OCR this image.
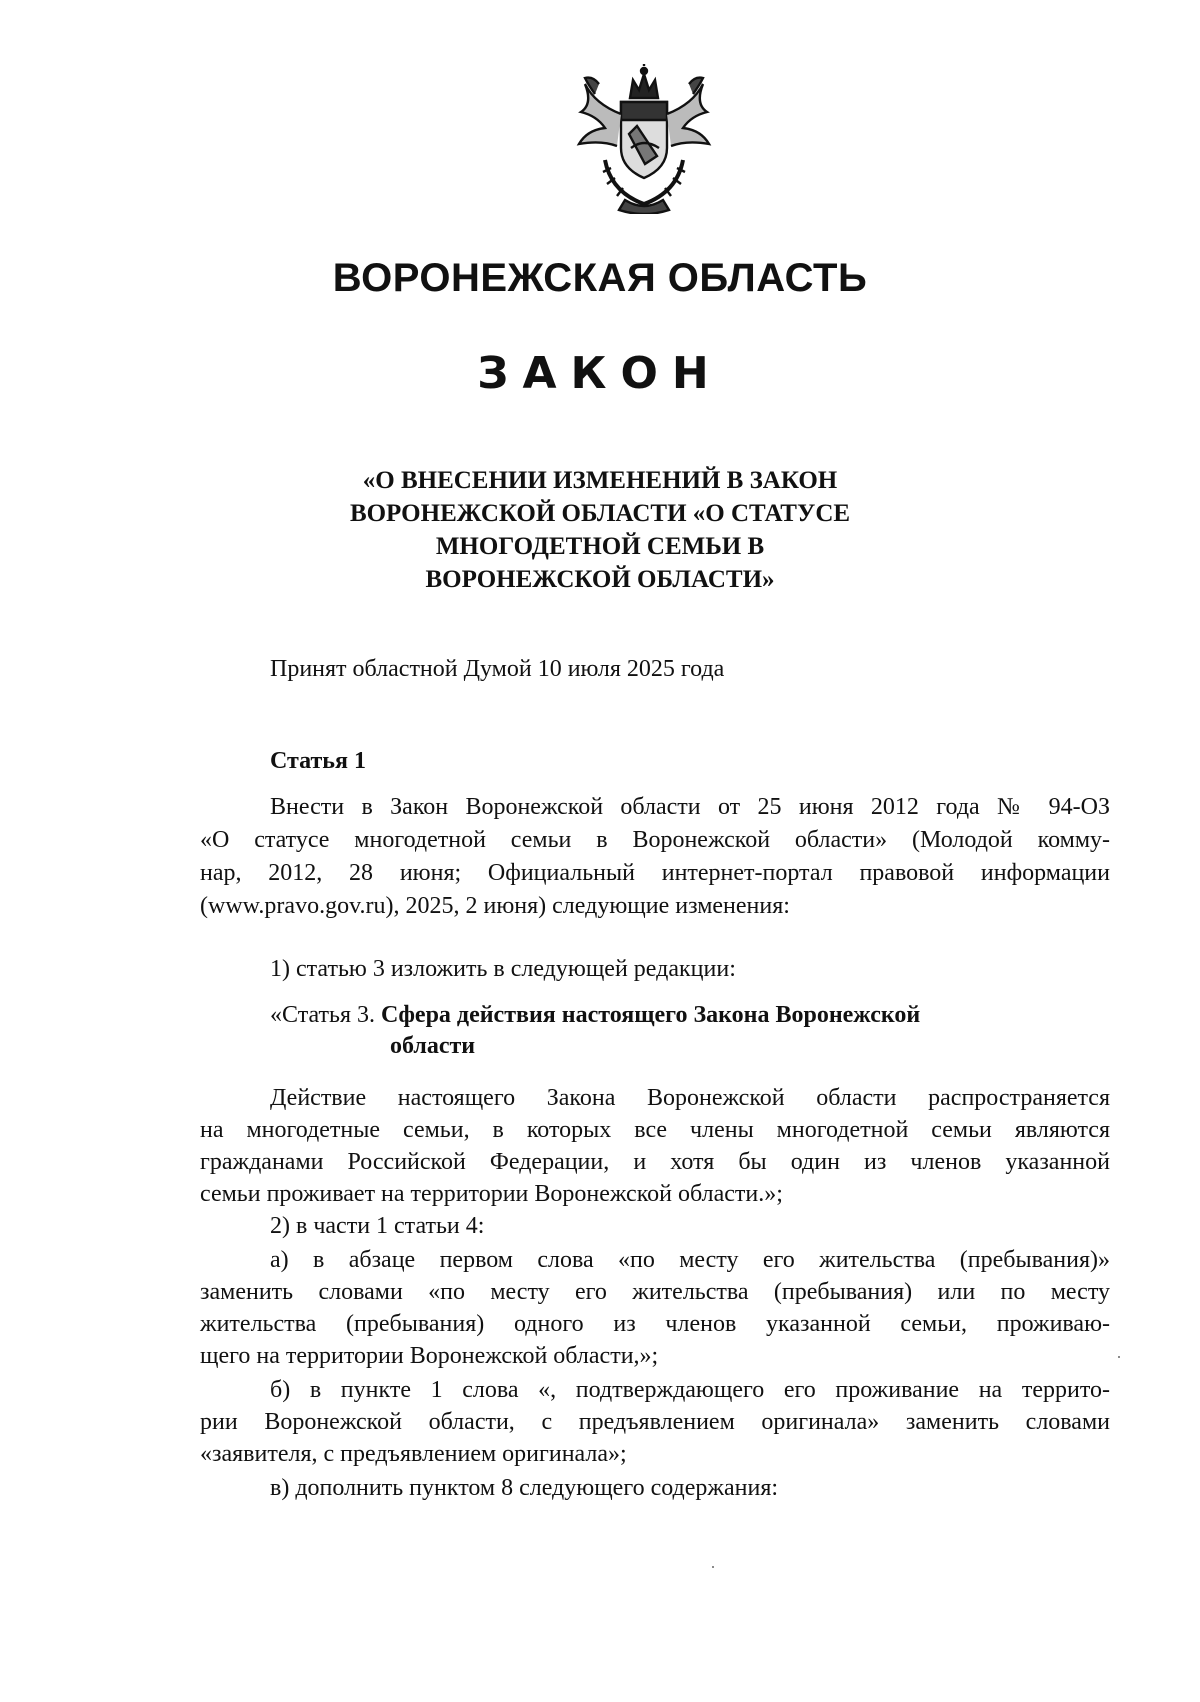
ВОРОНЕЖСКАЯ ОБЛАСТЬ
ЗАКОН
«О ВНЕСЕНИИ ИЗМЕНЕНИЙ В ЗАКОН
ВОРОНЕЖСКОЙ ОБЛАСТИ «О СТАТУСЕ
МНОГОДЕТНОЙ СЕМЬИ В
ВОРОНЕЖСКОЙ ОБЛАСТИ»
Принят областной Думой 10 июля 2025 года
Статья 1
Внести в Закон Воронежской области от 25 июня 2012 года № 94-ОЗ
«О статусе многодетной семьи в Воронежской области» (Молодой комму-
нар, 2012, 28 июня; Официальный интернет-портал правовой информации
(www.pravo.gov.ru), 2025, 2 июня) следующие изменения:
1) статью 3 изложить в следующей редакции:
«Статья 3. Сфера действия настоящего Закона Воронежской
области
Действие настоящего Закона Воронежской области распространяется
на многодетные семьи, в которых все члены многодетной семьи являются
гражданами Российской Федерации, и хотя бы один из членов указанной
семьи проживает на территории Воронежской области.»;
2) в части 1 статьи 4:
а) в абзаце первом слова «по месту его жительства (пребывания)»
заменить словами «по месту его жительства (пребывания) или по месту
жительства (пребывания) одного из членов указанной семьи, проживаю-
щего на территории Воронежской области,»;
б) в пункте 1 слова «, подтверждающего его проживание на террито-
рии Воронежской области, с предъявлением оригинала» заменить словами
«заявителя, с предъявлением оригинала»;
в) дополнить пунктом 8 следующего содержания:
